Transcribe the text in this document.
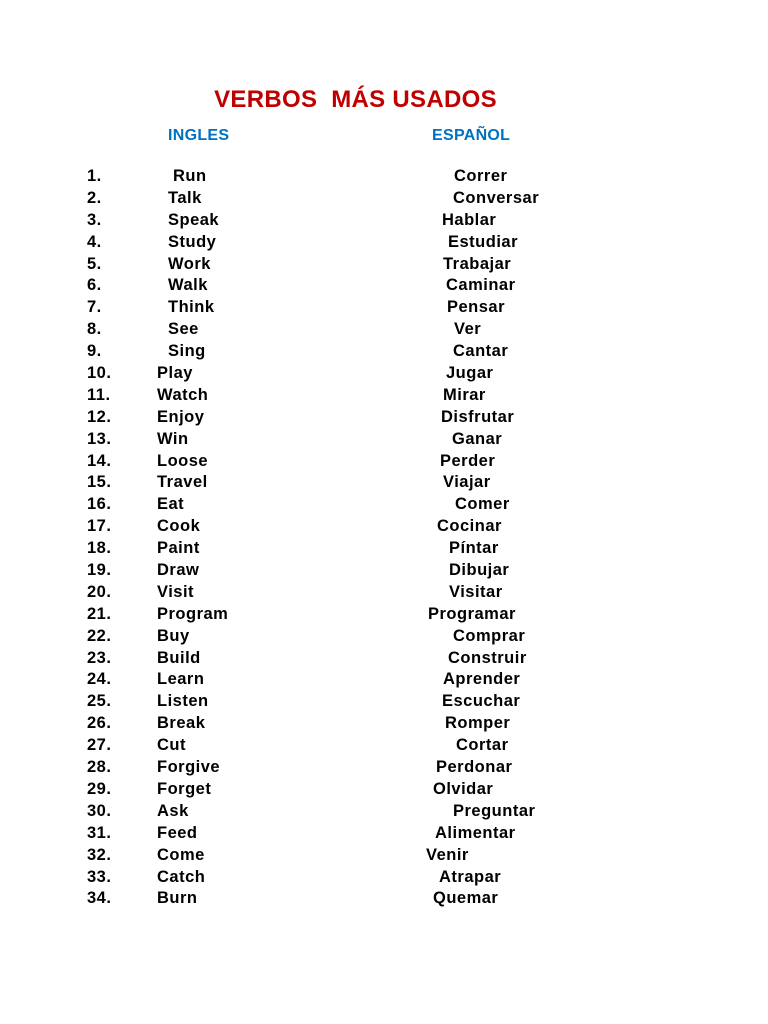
VERBOS  MÁS USADOS
INGLES	ESPAÑOL
1.	Run	Correr
2.	Talk	Conversar
3.	Speak	Hablar
4.	Study	Estudiar
5.	Work	Trabajar
6.	Walk	Caminar
7.	Think	Pensar
8.	See	Ver
9.	Sing	Cantar
10.	Play	Jugar
11.	Watch	Mirar
12.	Enjoy	Disfrutar
13.	Win	Ganar
14.	Loose	Perder
15.	Travel	Viajar
16.	Eat	Comer
17.	Cook	Cocinar
18.	Paint	Píntar
19.	Draw	Dibujar
20.	Visit	Visitar
21.	Program	Programar
22.	Buy	Comprar
23.	Build	Construir
24.	Learn	Aprender
25.	Listen	Escuchar
26.	Break	Romper
27.	Cut	Cortar
28.	Forgive	Perdonar
29.	Forget	Olvidar
30.	Ask	Preguntar
31.	Feed	Alimentar
32.	Come	Venir
33.	Catch	Atrapar
34.	Burn	Quemar
